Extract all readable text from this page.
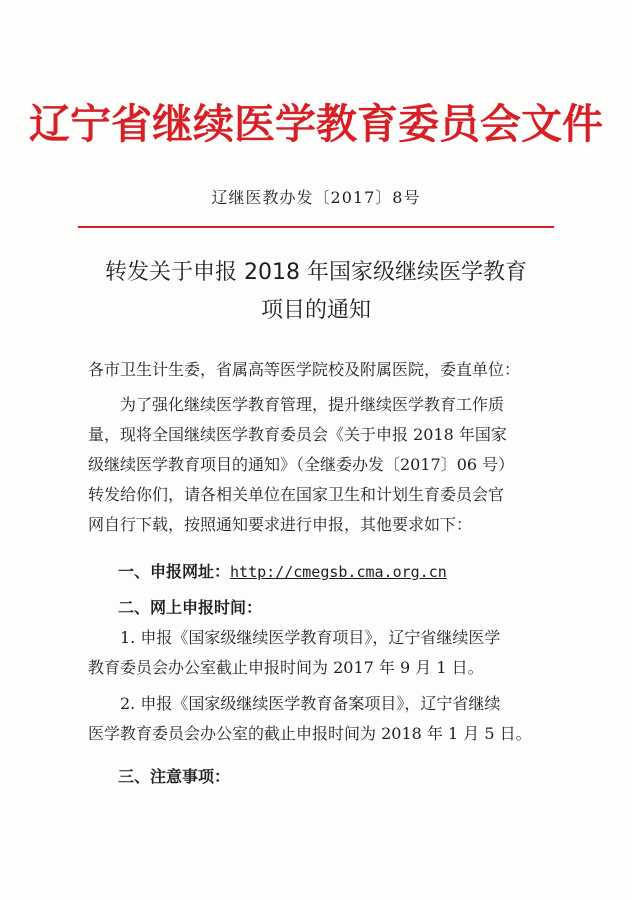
辽宁省继续医学教育委员会文件
辽继医教办发〔2017〕8号
转发关于申报 2018 年国家级继续医学教育
项目的通知
各市卫生计生委，省属高等医学院校及附属医院，委直单位：
为了强化继续医学教育管理，提升继续医学教育工作质
量，现将全国继续医学教育委员会《关于申报 2018 年国家
级继续医学教育项目的通知》（全继委办发〔2017〕06 号）
转发给你们，请各相关单位在国家卫生和计划生育委员会官
网自行下载，按照通知要求进行申报，其他要求如下：
一、申报网址：http://cmegsb.cma.org.cn
二、网上申报时间：
1. 申报《国家级继续医学教育项目》，辽宁省继续医学
教育委员会办公室截止申报时间为 2017 年 9 月 1 日。
2. 申报《国家级继续医学教育备案项目》，辽宁省继续
医学教育委员会办公室的截止申报时间为 2018 年 1 月 5 日。
三、注意事项：
